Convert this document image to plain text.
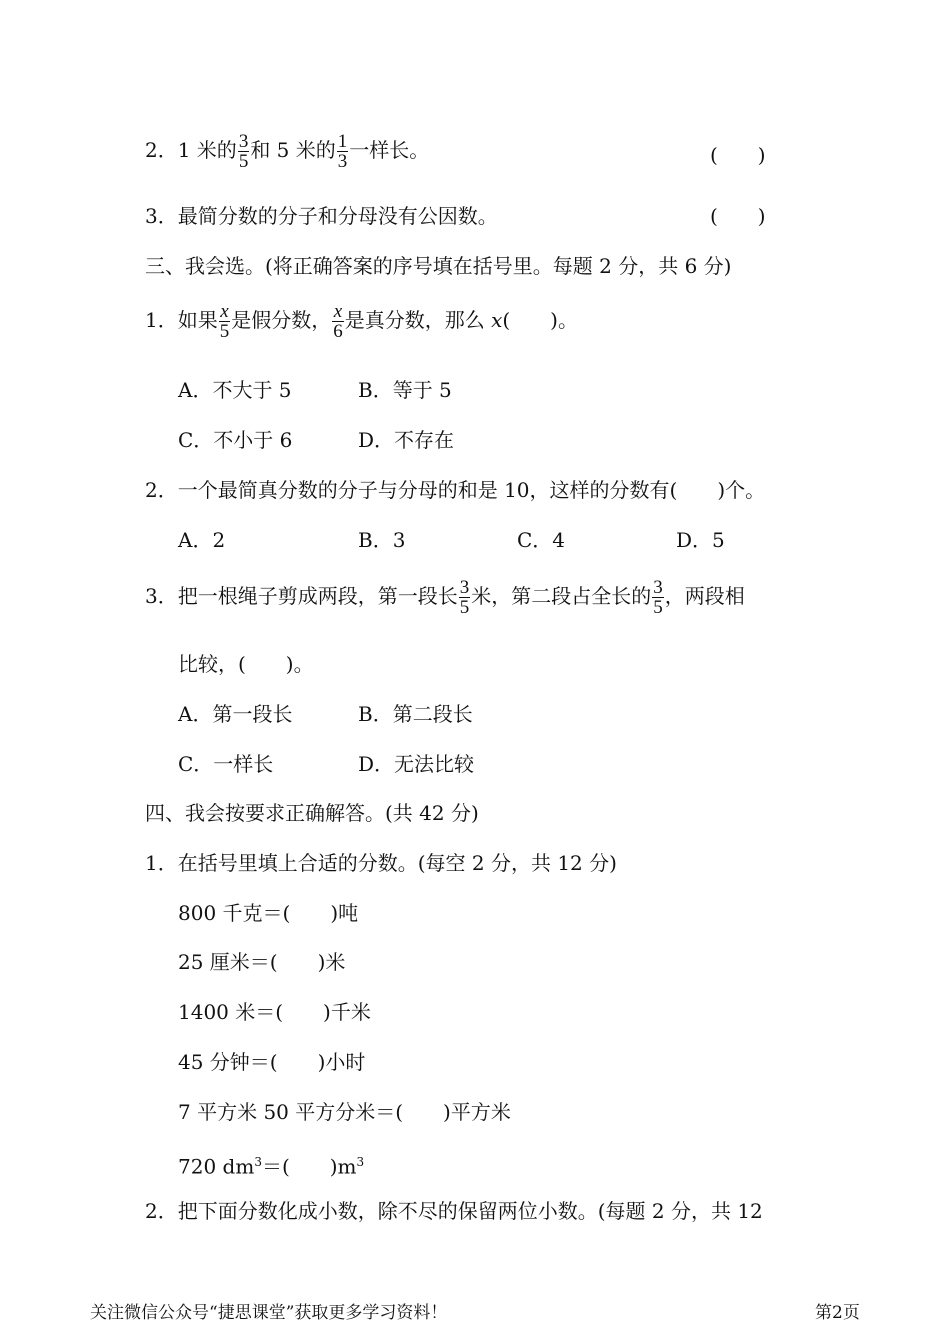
2．1 米的 $\frac{3}{5}$ 和 5 米的 $\frac{1}{3}$ 一样长。	(　　)
3．最简分数的分子和分母没有公因数。	(　　)
三、我会选。(将正确答案的序号填在括号里。每题 2 分，共 6 分)
1．如果 $\frac{x}{5}$ 是假分数， $\frac{x}{6}$ 是真分数，那么 x(　　)。
A．不大于 5	B．等于 5
C．不小于 6	D．不存在
2．一个最简真分数的分子与分母的和是 10，这样的分数有(　　)个。
A．2	B．3	C．4	D．5
3．把一根绳子剪成两段，第一段长 $\frac{3}{5}$ 米，第二段占全长的 $\frac{3}{5}$ ，两段相
比较，(　　)。
A．第一段长	B．第二段长
C．一样长	D．无法比较
四、我会按要求正确解答。(共 42 分)
1．在括号里填上合适的分数。(每空 2 分，共 12 分)
800 千克＝(　　)吨
25 厘米＝(　　)米
1400 米＝(　　)千米
45 分钟＝(　　)小时
7 平方米 50 平方分米＝(　　)平方米
720 $dm^3=$(　　)$m^3$
2．把下面分数化成小数，除不尽的保留两位小数。(每题 2 分，共 12
关注微信公众号“捷思课堂”获取更多学习资料！	第2页
